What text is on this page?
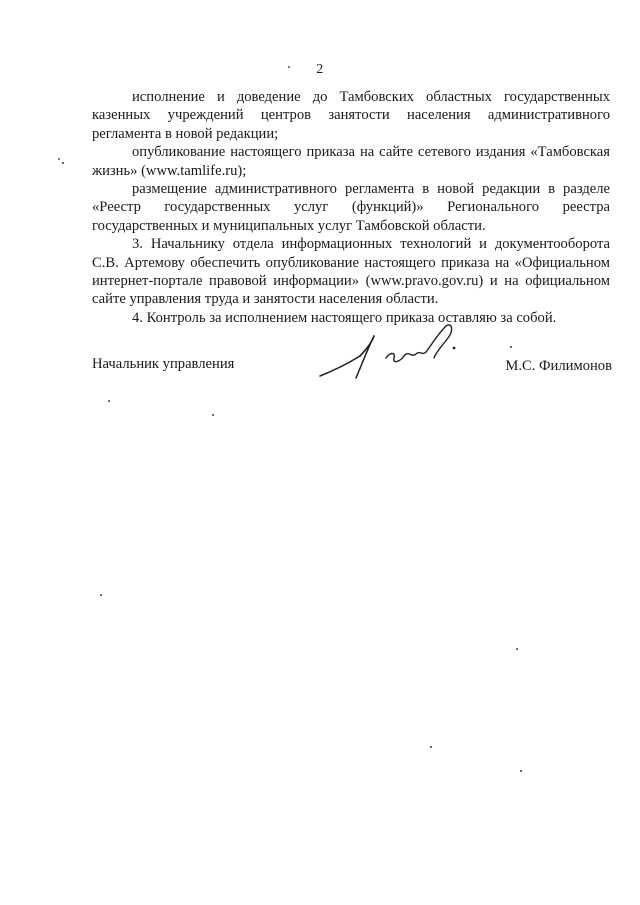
2

исполнение и доведение до Тамбовских областных государственных казенных учреждений центров занятости населения административного регламента в новой редакции;

опубликование настоящего приказа на сайте сетевого издания «Тамбовская жизнь» (www.tamlife.ru);

размещение административного регламента в новой редакции в разделе «Реестр государственных услуг (функций)» Регионального реестра государственных и муниципальных услуг Тамбовской области.

3. Начальнику отдела информационных технологий и документооборота С.В. Артемову обеспечить опубликование настоящего приказа на «Официальном интернет-портале правовой информации» (www.pravo.gov.ru) и на официальном сайте управления труда и занятости населения области.

4. Контроль за исполнением настоящего приказа оставляю за собой.

Начальник управления	М.С. Филимонов
